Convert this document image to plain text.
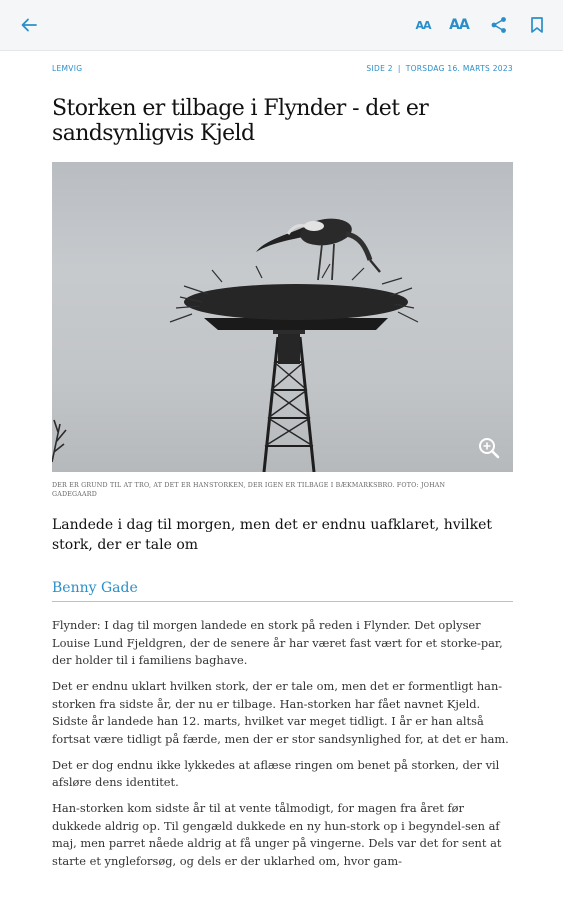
AA AA
LEMVIG	SIDE 2 | TORSDAG 16. MARTS 2023
Storken er tilbage i Flynder - det er sandsynligvis Kjeld
DER ER GRUND TIL AT TRO, AT DET ER HANSTORKEN, DER IGEN ER TILBAGE I BÆKMARKSBRO. FOTO: JOHAN GADEGAARD

Landede i dag til morgen, men det er endnu uafklaret, hvilket stork, der er tale om

Benny Gade

Flynder: I dag til morgen landede en stork på reden i Flynder. Det oplyser Louise Lund Fjeldgren, der de senere år har været fast vært for et storke-par, der holder til i familiens baghave.

Det er endnu uklart hvilken stork, der er tale om, men det er formentligt han-storken fra sidste år, der nu er tilbage. Han-storken har fået navnet Kjeld. Sidste år landede han 12. marts, hvilket var meget tidligt. I år er han altså fortsat være tidligt på færde, men der er stor sandsynlighed for, at det er ham.

Det er dog endnu ikke lykkedes at aflæse ringen om benet på storken, der vil afsløre dens identitet.

Han-storken kom sidste år til at vente tålmodigt, for magen fra året før dukkede aldrig op. Til gengæld dukkede en ny hun-stork op i begyndel-sen af maj, men parret nåede aldrig at få unger på vingerne. Dels var det for sent at starte et yngleforsøg, og dels er der uklarhed om, hvor gam-
